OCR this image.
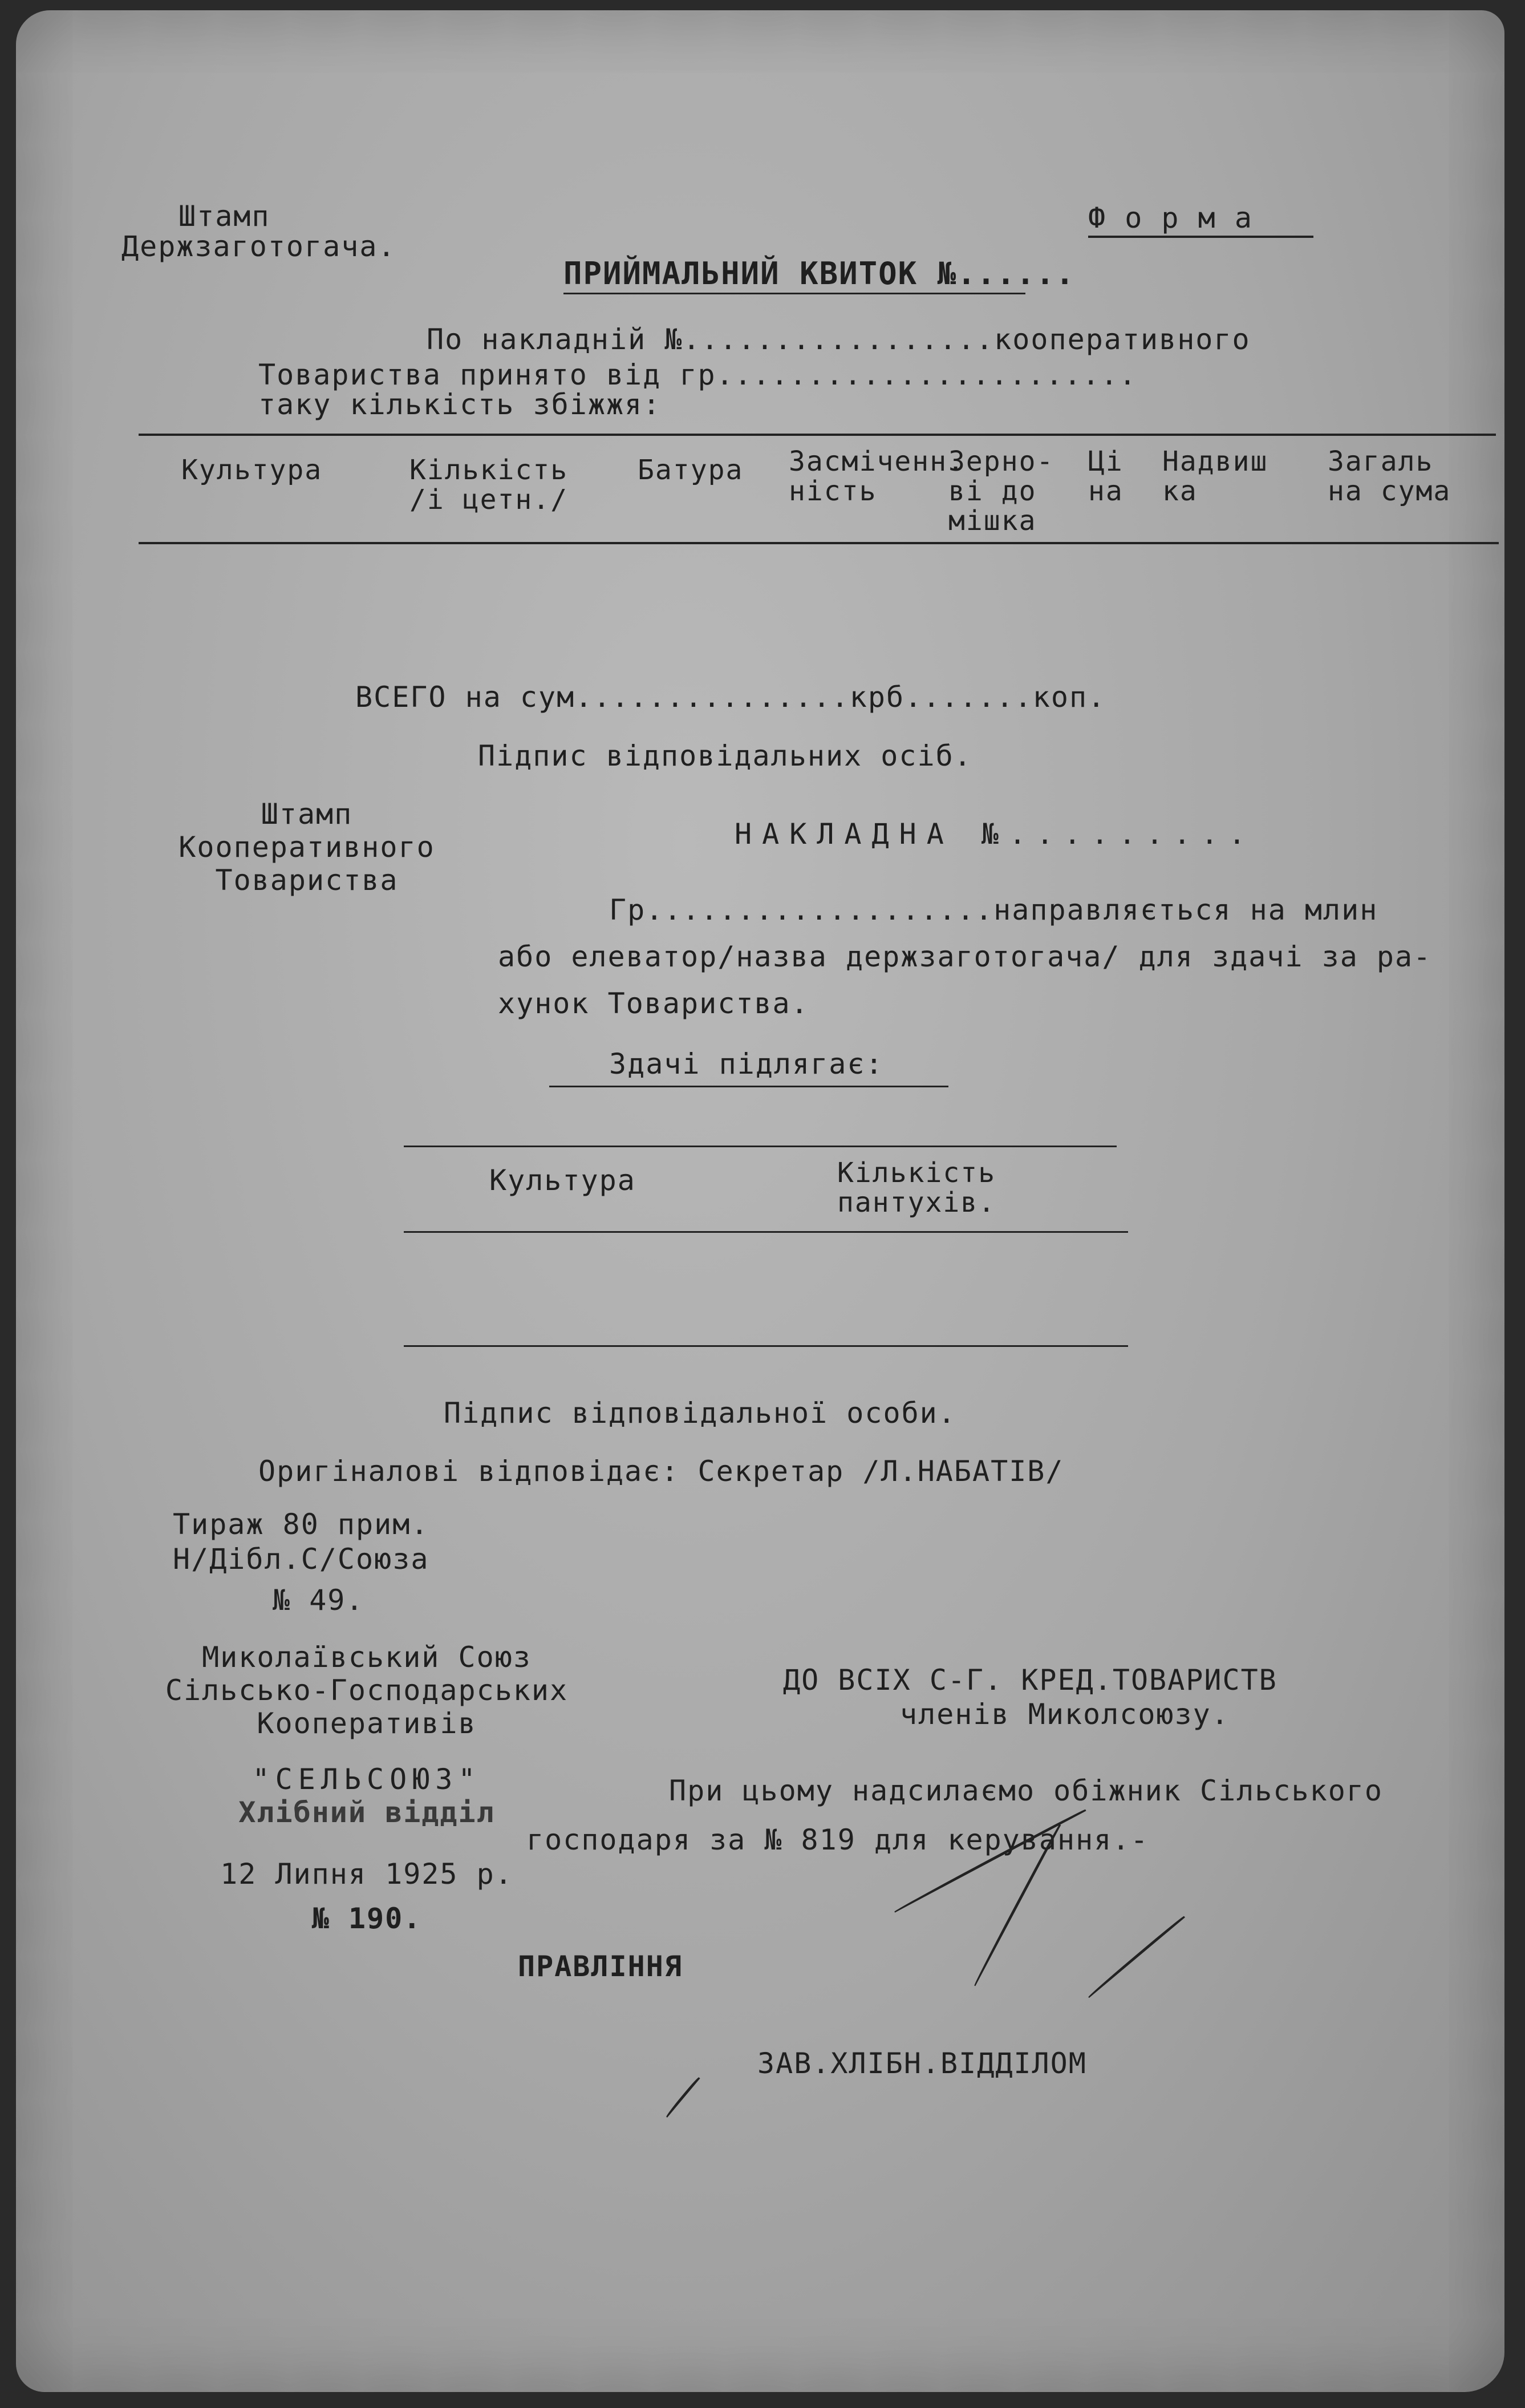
Штамп
Держзаготогача.
Ф о р м а
ПРИЙМАЛЬНИЙ КВИТОК №......
По накладній №.................кооперативного
Товариства принято від гр.......................
таку кількість збіжжя:
Культура	Кількість
/і цетн./
Батура Засміченн.
ність
Зерно-
ві до
мішка
Ці
на
Надвиш
ка
Загаль
на сума
ВСЕГО на сум...............крб.......коп.
Підпис відповідальних осіб.
Штамп
Кооперативного
Товариства
НАКЛАДНА №.........
Гр...................направляється на млин
або елеватор/назва держзаготогача/ для здачі за ра-
хунок Товариства.
Здачі підлягає:
Культура	Кількість
пантухів.
Підпис відповідальної особи.
Оригіналові відповідає: Секретар /Л.НАБАТІВ/
Тираж 80 прим.
Н/Дібл.С/Союза
№ 49.
Миколаївський Союз
Сільсько-Господарських
Кооперативів
"СЕЛЬСОЮЗ"
Хлібний відділ
12 Липня 1925 р.
№ 190.
ДО ВСІХ С-Г. КРЕД.ТОВАРИСТВ
членів Миколсоюзу.
При цьому надсилаємо обіжник Сільського
господаря за № 819 для керування.-
ПРАВЛІННЯ
ЗАВ.ХЛІБН.ВІДДІЛОМ
